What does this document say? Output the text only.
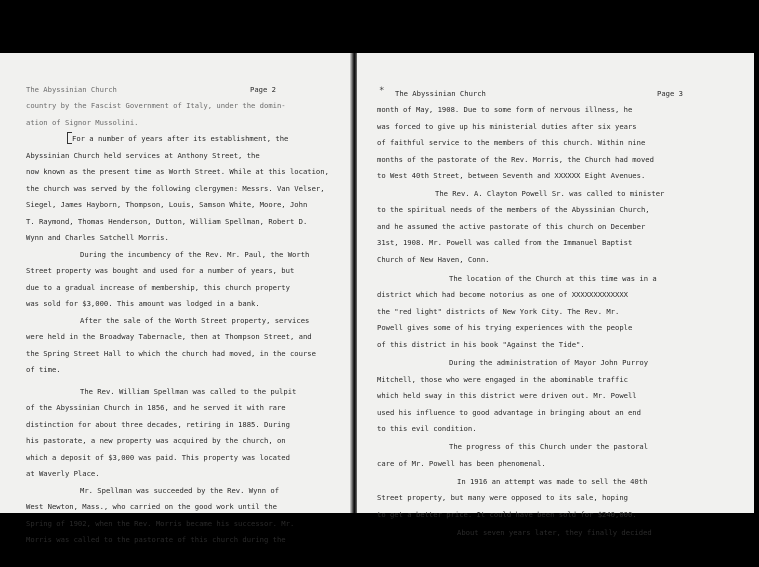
The Abyssinian Church	Page 2
country by the Fascist Government of Italy, under the domin-
ation of Signor Mussolini.
For a number of years after its establishment, the
Abyssinian Church held services at Anthony Street, the
now known as the present time as Worth Street. While at this location,
the church was served by the following clergymen: Messrs. Van Velser,
Siegel, James Hayborn, Thompson, Louis, Samson White, Moore, John
T. Raymond, Thomas Henderson, Dutton, William Spellman, Robert D.
Wynn and Charles Satchell Morris.
During the incumbency of the Rev. Mr. Paul, the Worth
Street property was bought and used for a number of years, but
due to a gradual increase of membership, this church property
was sold for $3,000. This amount was lodged in a bank.
After the sale of the Worth Street property, services
were held in the Broadway Tabernacle, then at Thompson Street, and
the Spring Street Hall to which the church had moved, in the course
of time.
The Rev. William Spellman was called to the pulpit
of the Abyssinian Church in 1856, and he served it with rare
distinction for about three decades, retiring in 1885. During
his pastorate, a new property was acquired by the church, on
which a deposit of $3,000 was paid. This property was located
at Waverly Place.
Mr. Spellman was succeeded by the Rev. Wynn of
West Newton, Mass., who carried on the good work until the
Spring of 1902, when the Rev. Morris became his successor. Mr.
Morris was called to the pastorate of this church during the
* The Abyssinian Church	Page 3
month of May, 1908. Due to some form of nervous illness, he
was forced to give up his ministerial duties after six years
of faithful service to the members of this church. Within nine
months of the pastorate of the Rev. Morris, the Church had moved
to West 40th Street, between Seventh and XXXXXX Eight Avenues.
The Rev. A. Clayton Powell Sr. was called to minister
to the spiritual needs of the members of the Abyssinian Church,
and he assumed the active pastorate of this church on December
31st, 1908. Mr. Powell was called from the Immanuel Baptist
Church of New Haven, Conn.
The location of the Church at this time was in a
district which had become notorius as one of XXXXXXXXXXXXX
the "red light" districts of New York City. The Rev. Mr.
Powell gives some of his trying experiences with the people
of this district in his book "Against the Tide".
During the administration of Mayor John Purroy
Mitchell, those who were engaged in the abominable traffic
which held sway in this district were driven out. Mr. Powell
used his influence to good advantage in bringing about an end
to this evil condition.
The progress of this Church under the pastoral
care of Mr. Powell has been phenomenal.
In 1916 an attempt was made to sell the 40th
Street property, but many were opposed to its sale, hoping
to get a better price. It could have been sold for $240,000.
About seven years later, they finally decided
